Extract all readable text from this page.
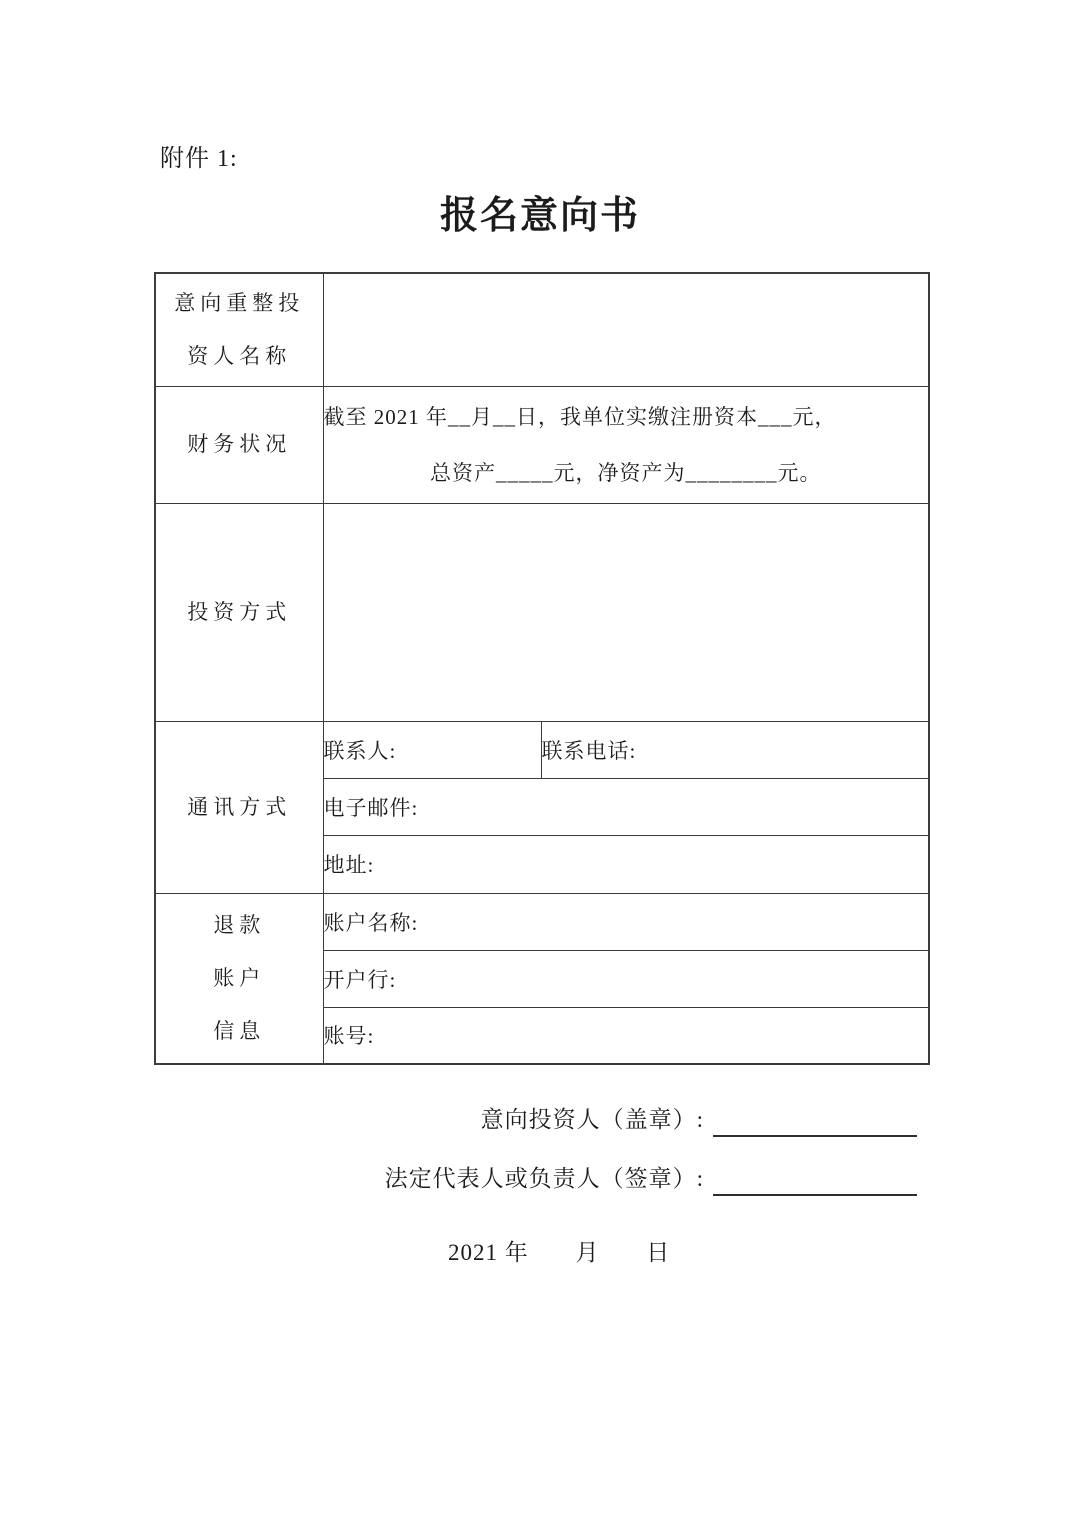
附件 1:
报名意向书
意向重整投
资人名称		

财务状况	截至 2021 年__月__日，我单位实缴注册资本___元，
总资产_____元，净资产为________元。	

投资方式		

通讯方式	联系人:	联系电话:
	电子邮件:	
	地址:	

退款
账户
信息	账户名称:	
	开户行:	
	账号:	
意向投资人（盖章）:
法定代表人或负责人（签章）:
2021 年 月 日
